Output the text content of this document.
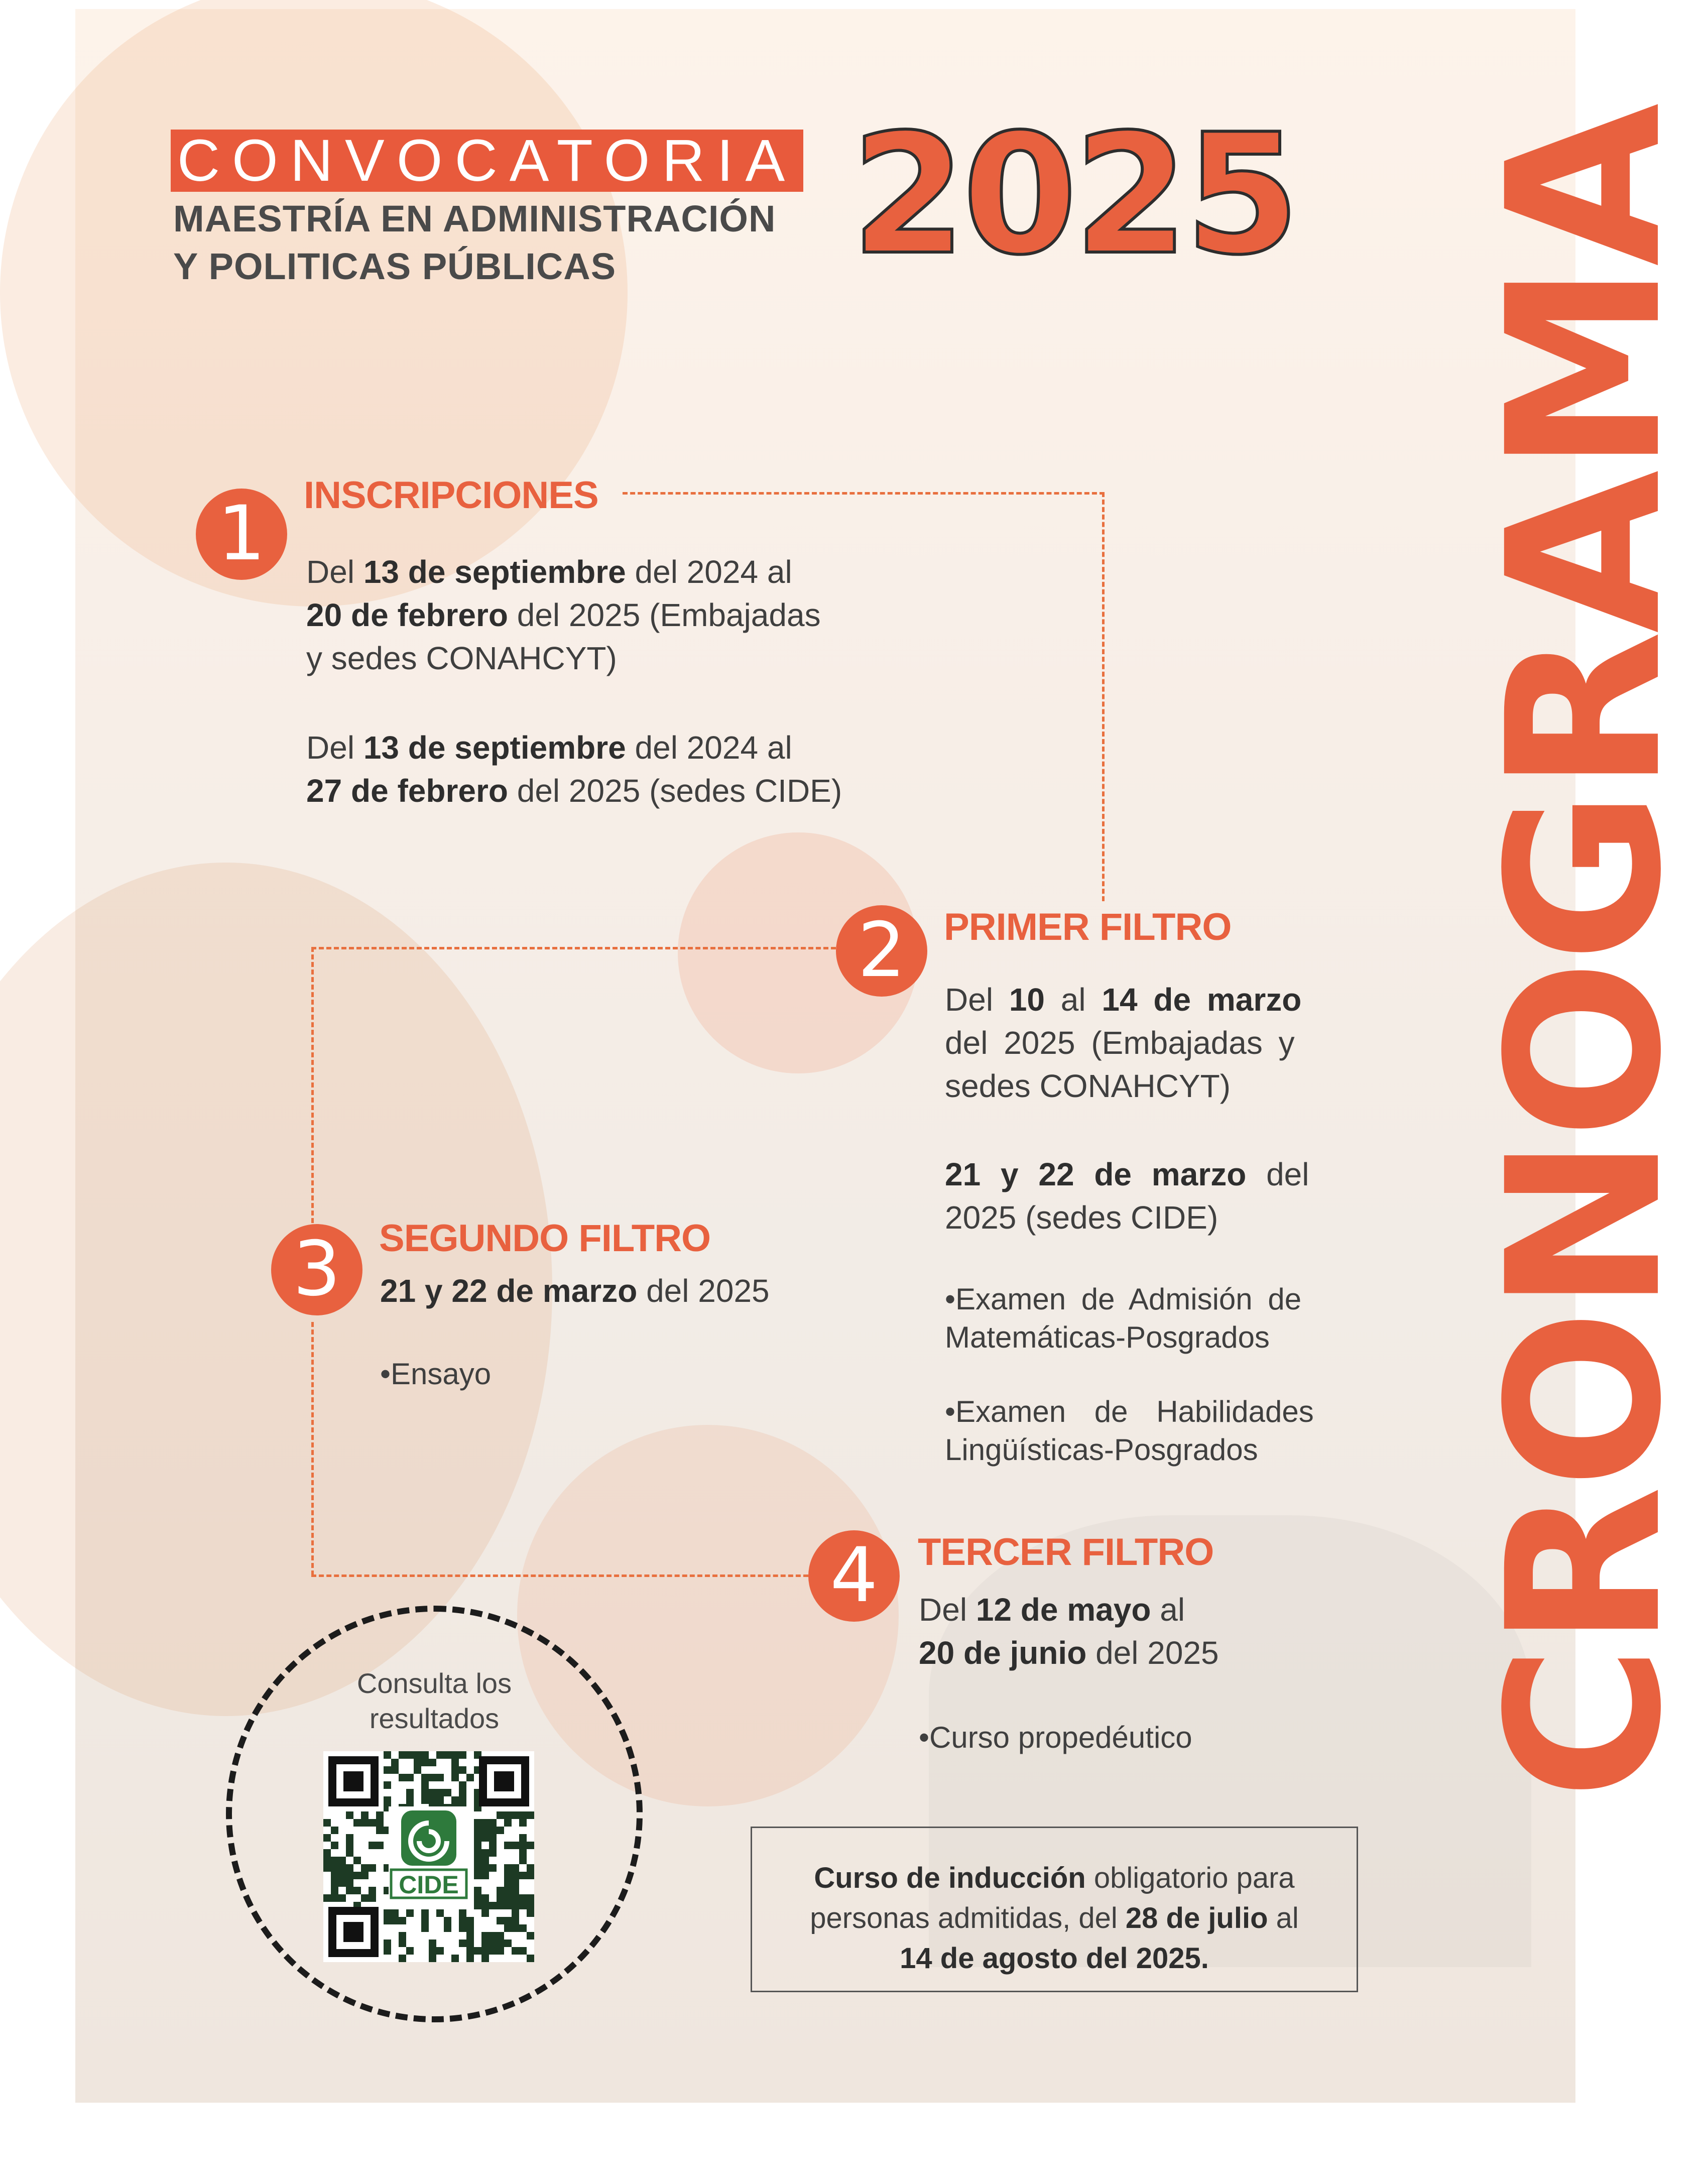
CONVOCATORIA
MAESTRÍA EN ADMINISTRACIÓN
Y POLITICAS PÚBLICAS 2025 CRONOGRAMA
1	INSCRIPCIONES
Del 13 de septiembre del 2024 al
20 de febrero del 2025 (Embajadas
y sedes CONAHCYT)
Del 13 de septiembre del 2024 al
27 de febrero del 2025 (sedes CIDE)
2	PRIMER FILTRO
Del 10 al 14 de marzo
del 2025 (Embajadas y
sedes CONAHCYT)
21 y 22 de marzo del
2025 (sedes CIDE)
•Examen de Admisión de
Matemáticas-Posgrados
•Examen de Habilidades
Lingüísticas-Posgrados
3	SEGUNDO FILTRO
21 y 22 de marzo del 2025
•Ensayo
4	TERCER FILTRO
Del 12 de mayo al
20 de junio del 2025
•Curso propedéutico
Consulta los
resultados
CIDE	Curso de inducción obligatorio para
personas admitidas, del 28 de julio al
14 de agosto del 2025.
